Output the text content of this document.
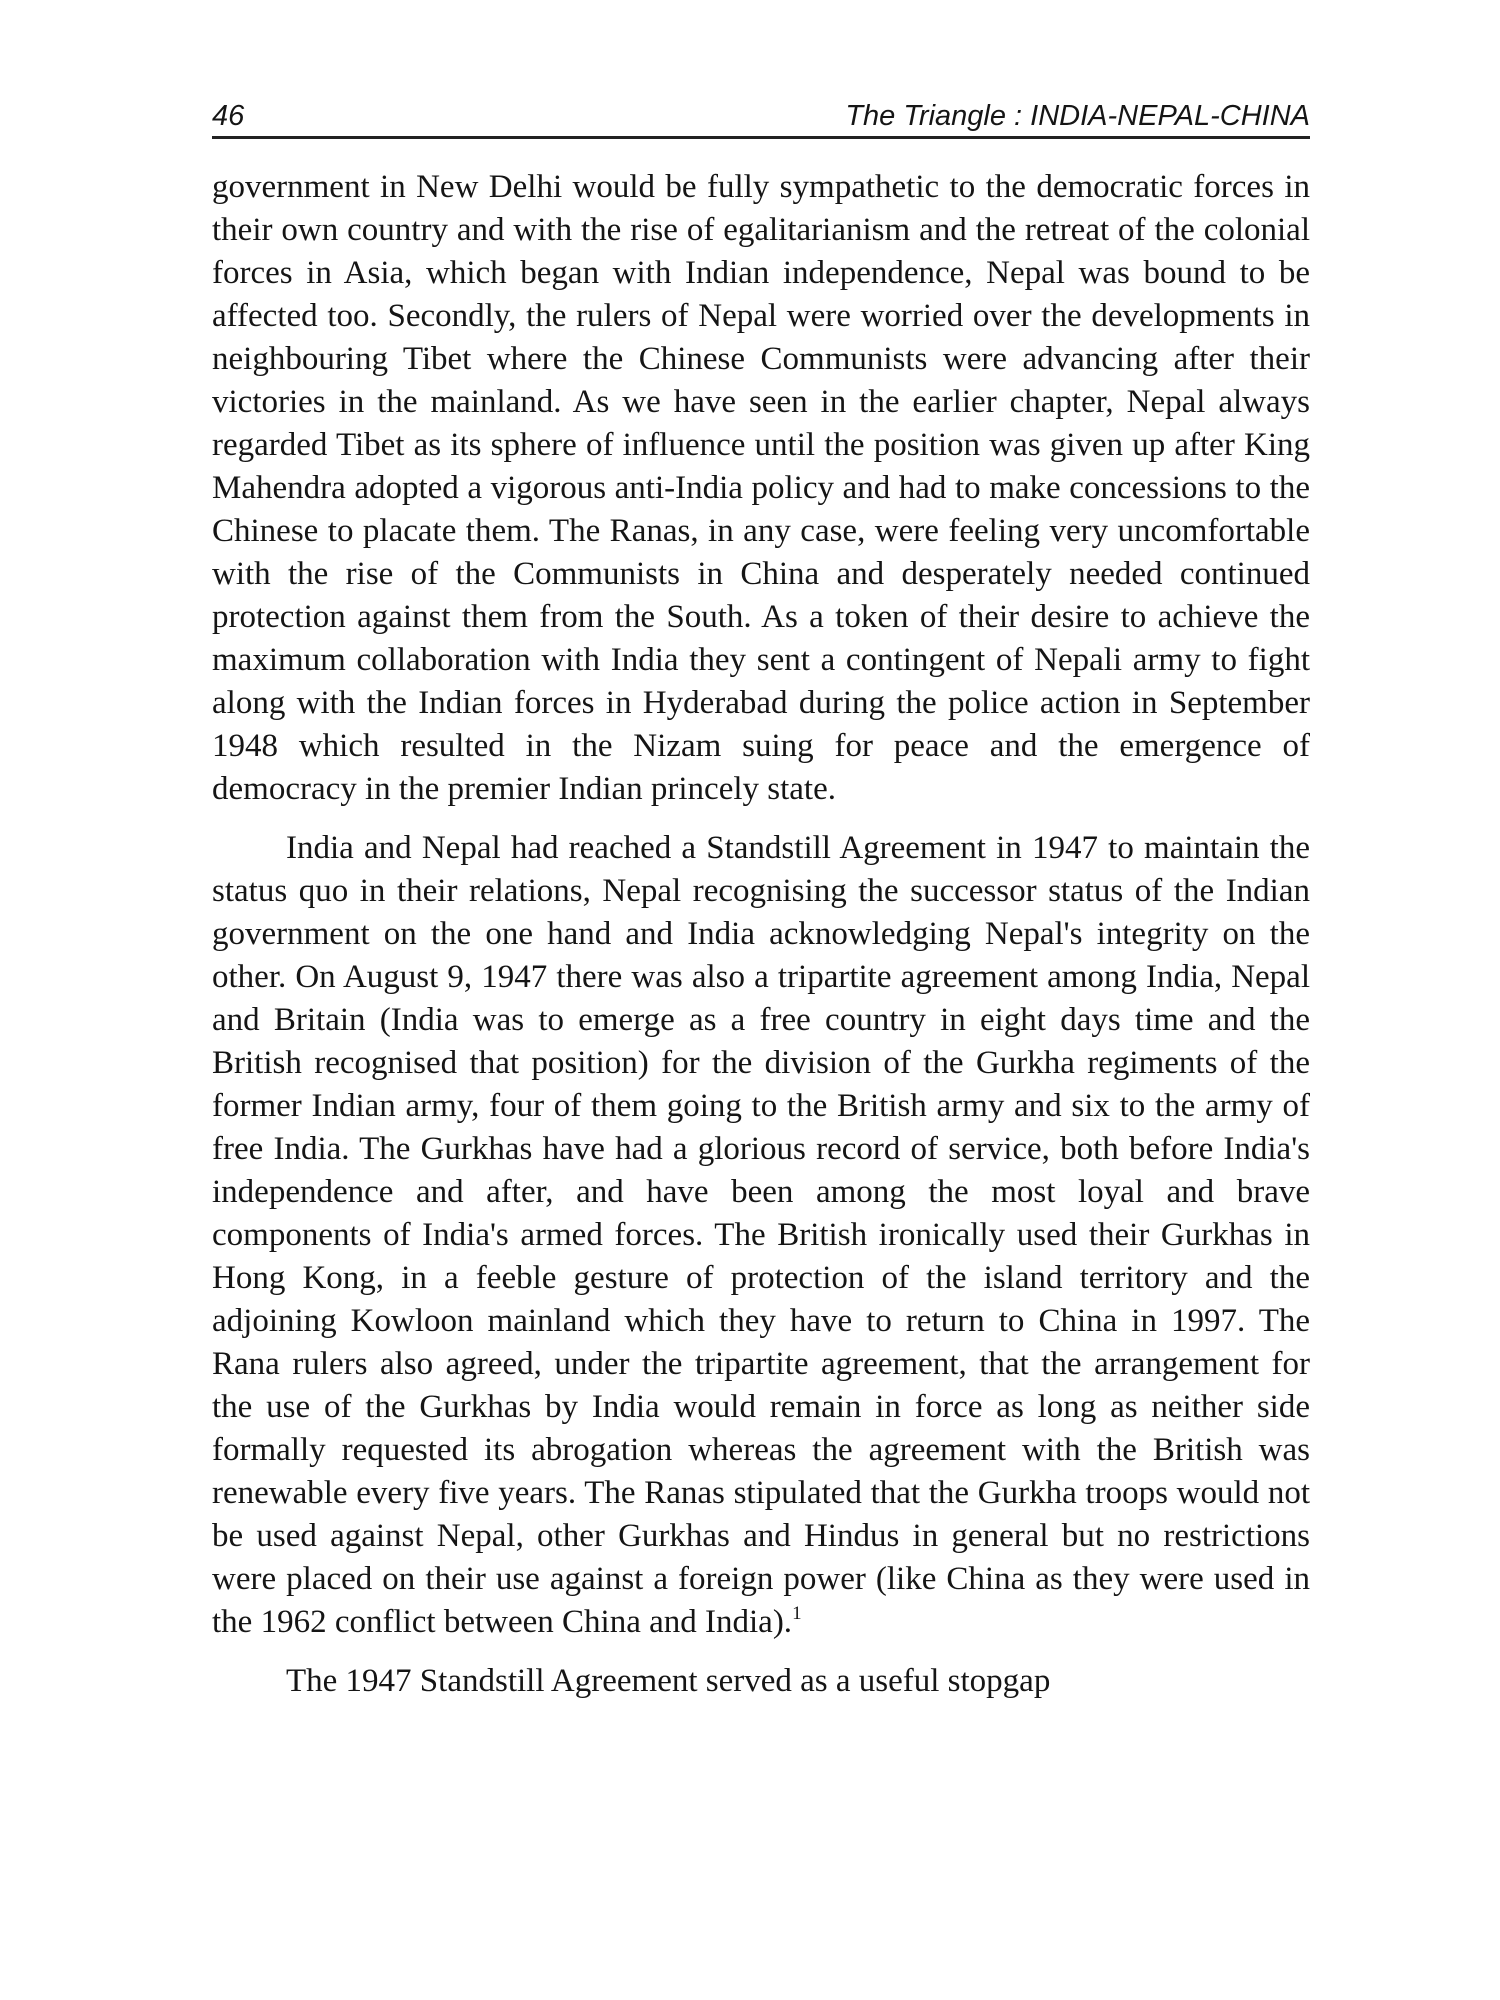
46	The Triangle : INDIA-NEPAL-CHINA

government in New Delhi would be fully sympathetic to the democratic forces in their own country and with the rise of egalitarianism and the retreat of the colonial forces in Asia, which began with Indian independence, Nepal was bound to be affected too. Secondly, the rulers of Nepal were worried over the developments in neighbouring Tibet where the Chinese Communists were advancing after their victories in the mainland. As we have seen in the earlier chapter, Nepal always regarded Tibet as its sphere of influence until the position was given up after King Mahendra adopted a vigorous anti-India policy and had to make concessions to the Chinese to placate them. The Ranas, in any case, were feeling very uncomfortable with the rise of the Communists in China and desperately needed continued protection against them from the South. As a token of their desire to achieve the maximum collaboration with India they sent a contingent of Nepali army to fight along with the Indian forces in Hyderabad during the police action in September 1948 which resulted in the Nizam suing for peace and the emergence of democracy in the premier Indian princely state.

India and Nepal had reached a Standstill Agreement in 1947 to maintain the status quo in their relations, Nepal recognising the successor status of the Indian government on the one hand and India acknowledging Nepal's integrity on the other. On August 9, 1947 there was also a tripartite agreement among India, Nepal and Britain (India was to emerge as a free country in eight days time and the British recognised that position) for the division of the Gurkha regiments of the former Indian army, four of them going to the British army and six to the army of free India. The Gurkhas have had a glorious record of service, both before India's independence and after, and have been among the most loyal and brave components of India's armed forces. The British ironically used their Gurkhas in Hong Kong, in a feeble gesture of protection of the island territory and the adjoining Kowloon mainland which they have to return to China in 1997. The Rana rulers also agreed, under the tripartite agreement, that the arrangement for the use of the Gurkhas by India would remain in force as long as neither side formally requested its abrogation whereas the agreement with the British was renewable every five years. The Ranas stipulated that the Gurkha troops would not be used against Nepal, other Gurkhas and Hindus in general but no restrictions were placed on their use against a foreign power (like China as they were used in the 1962 conflict between China and India).$^1$

The 1947 Standstill Agreement served as a useful stopgap
